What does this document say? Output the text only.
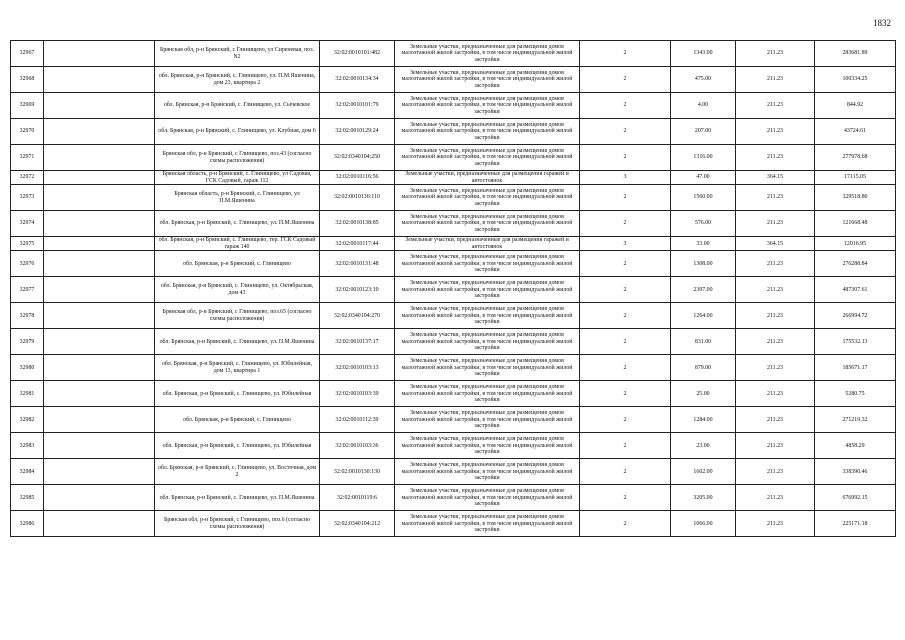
1832
32967		Брянская обл, р-н Брянский, с Глинищево, ул Сиреневая, поз. N2	32:02:0010101:482	Земельные участки, предназначенные для размещения домов малоэтажной жилой застройки, в том числе индивидуальной жилой застройки	2	1343.00	211.23	283681.89
32968		обл. Брянская, р-н Брянский, с. Глинищево, ул. П.М.Яшенина, дом 23, квартира 2	32:02:0010134:34	Земельные участки, предназначенные для размещения домов малоэтажной жилой застройки, в том числе индивидуальной жилой застройки	2	475.00	211.23	100334.25
32969		обл. Брянская, р-н Брянский, с. Глинищево, ул. Сычевское	32:02:0010101:79	Земельные участки, предназначенные для размещения домов малоэтажной жилой застройки, в том числе индивидуальной жилой застройки	2	4.00	211.23	844.92
32970		обл. Брянская, р-н Брянский, с. Глинищево, ул. Клубная, дом 6	32:02:0010129:24	Земельные участки, предназначенные для размещения домов малоэтажной жилой застройки, в том числе индивидуальной жилой застройки	2	207.00	211.23	43724.61
32971		Брянская обл, р-н Брянский, с Глинищево, поз.43 (согласно схемы расположения)	32:02:0340104:250	Земельные участки, предназначенные для размещения домов малоэтажной жилой застройки, в том числе индивидуальной жилой застройки	2	1316.00	211.23	277978.68
32972		Брянская область, р-н Брянский, с. Глинищево, ул Садовая, ГСК Садовый, гараж 112	32:02:0010116:56	Земельные участки, предназначенные для размещения гаражей и автостоянок	3	47.00	364.15	17115.05
32973		Брянская область, р-н Брянский, с. Глинищево, ул П.М.Яшенина	32:02:0010136:110	Земельные участки, предназначенные для размещения домов малоэтажной жилой застройки, в том числе индивидуальной жилой застройки	2	1560.00	211.23	329518.80
32974		обл. Брянская, р-н Брянский, с. Глинищево, ул. П.М.Яшенина	32:02:0010138:85	Земельные участки, предназначенные для размещения домов малоэтажной жилой застройки, в том числе индивидуальной жилой застройки	2	576.00	211.23	121668.48
32975		обл. Брянская, р-н Брянский, с. Глинищево, тер. ГСК Садовый гараж 140	32:02:0010117:44	Земельные участки, предназначенные для размещения гаражей и автостоянок	3	33.00	364.15	12016.95
32976		обл. Брянская, р-н Брянский, с. Глинищево	32:02:0010131:48	Земельные участки, предназначенные для размещения домов малоэтажной жилой застройки, в том числе индивидуальной жилой застройки	2	1308.00	211.23	276288.84
32977		обл. Брянская, р-н Брянский, с. Глинищево, ул. Октябрьская, дом 43	32:02:0010123:10	Земельные участки, предназначенные для размещения домов малоэтажной жилой застройки, в том числе индивидуальной жилой застройки	2	2307.00	211.23	487307.61
32978		Брянская обл, р-н Брянский, с Глинищево, поз.65 (согласно схемы расположения)	32:02:0340104:270	Земельные участки, предназначенные для размещения домов малоэтажной жилой застройки, в том числе индивидуальной жилой застройки	2	1264.00	211.23	266994.72
32979		обл. Брянская, р-н Брянский, с. Глинищево, ул. П.М.Яшенина	32:02:0010137:17	Земельные участки, предназначенные для размещения домов малоэтажной жилой застройки, в том числе индивидуальной жилой застройки	2	831.00	211.23	175532.13
32980		обл. Брянская, р-н Брянский, с. Глинищево, ул. Юбилейная, дом 13, квартира 1	32:02:0010103:13	Земельные участки, предназначенные для размещения домов малоэтажной жилой застройки, в том числе индивидуальной жилой застройки	2	879.00	211.23	185671.17
32981		обл. Брянская, р-н Брянский, с. Глинищево, ул. Юбилейная	32:02:0010103:39	Земельные участки, предназначенные для размещения домов малоэтажной жилой застройки, в том числе индивидуальной жилой застройки	2	25.00	211.23	5280.75
32982		обл. Брянская, р-н Брянский, с. Глинищево	32:02:0010112:39	Земельные участки, предназначенные для размещения домов малоэтажной жилой застройки, в том числе индивидуальной жилой застройки	2	1284.00	211.23	271219.32
32983		обл. Брянская, р-н Брянский, с. Глинищево, ул. Юбилейная	32:02:0010103:36	Земельные участки, предназначенные для размещения домов малоэтажной жилой застройки, в том числе индивидуальной жилой застройки	2	23.00	211.23	4858.29
32984		обл. Брянская, р-н Брянский, с. Глинищево, ул. Восточная, дом 2	32:02:0010130:130	Земельные участки, предназначенные для размещения домов малоэтажной жилой застройки, в том числе индивидуальной жилой застройки	2	1602.00	211.23	338390.46
32985		обл. Брянская, р-н Брянский, с. Глинищево, ул. П.М.Яшенина	32:02:0010119:6	Земельные участки, предназначенные для размещения домов малоэтажной жилой застройки, в том числе индивидуальной жилой застройки	2	3205.00	211.23	676992.15
32986		Брянская обл, р-н Брянский, с Глинищево, поз.6 (согласно схемы расположения)	32:02:0340104:212	Земельные участки, предназначенные для размещения домов малоэтажной жилой застройки, в том числе индивидуальной жилой застройки	2	1066.00	211.23	225171.18
